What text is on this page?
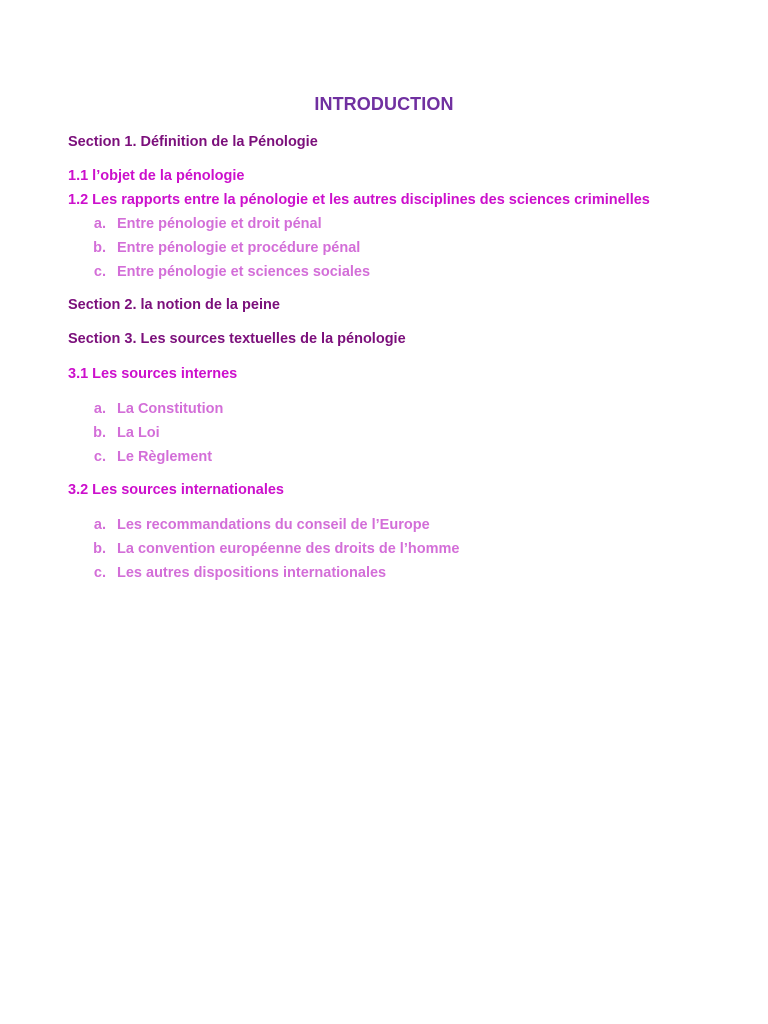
INTRODUCTION
Section 1. Définition de la Pénologie
1.1 l’objet de la pénologie
1.2 Les rapports entre la pénologie et les autres disciplines des sciences criminelles
a. Entre pénologie et droit pénal
b. Entre pénologie et procédure pénal
c. Entre pénologie et sciences sociales
Section 2. la notion de la peine
Section 3. Les sources textuelles de la pénologie
3.1 Les sources internes
a. La Constitution
b. La Loi
c. Le Règlement
3.2 Les sources internationales
a. Les recommandations du conseil de l’Europe
b. La convention européenne des droits de l’homme
c. Les autres dispositions internationales
